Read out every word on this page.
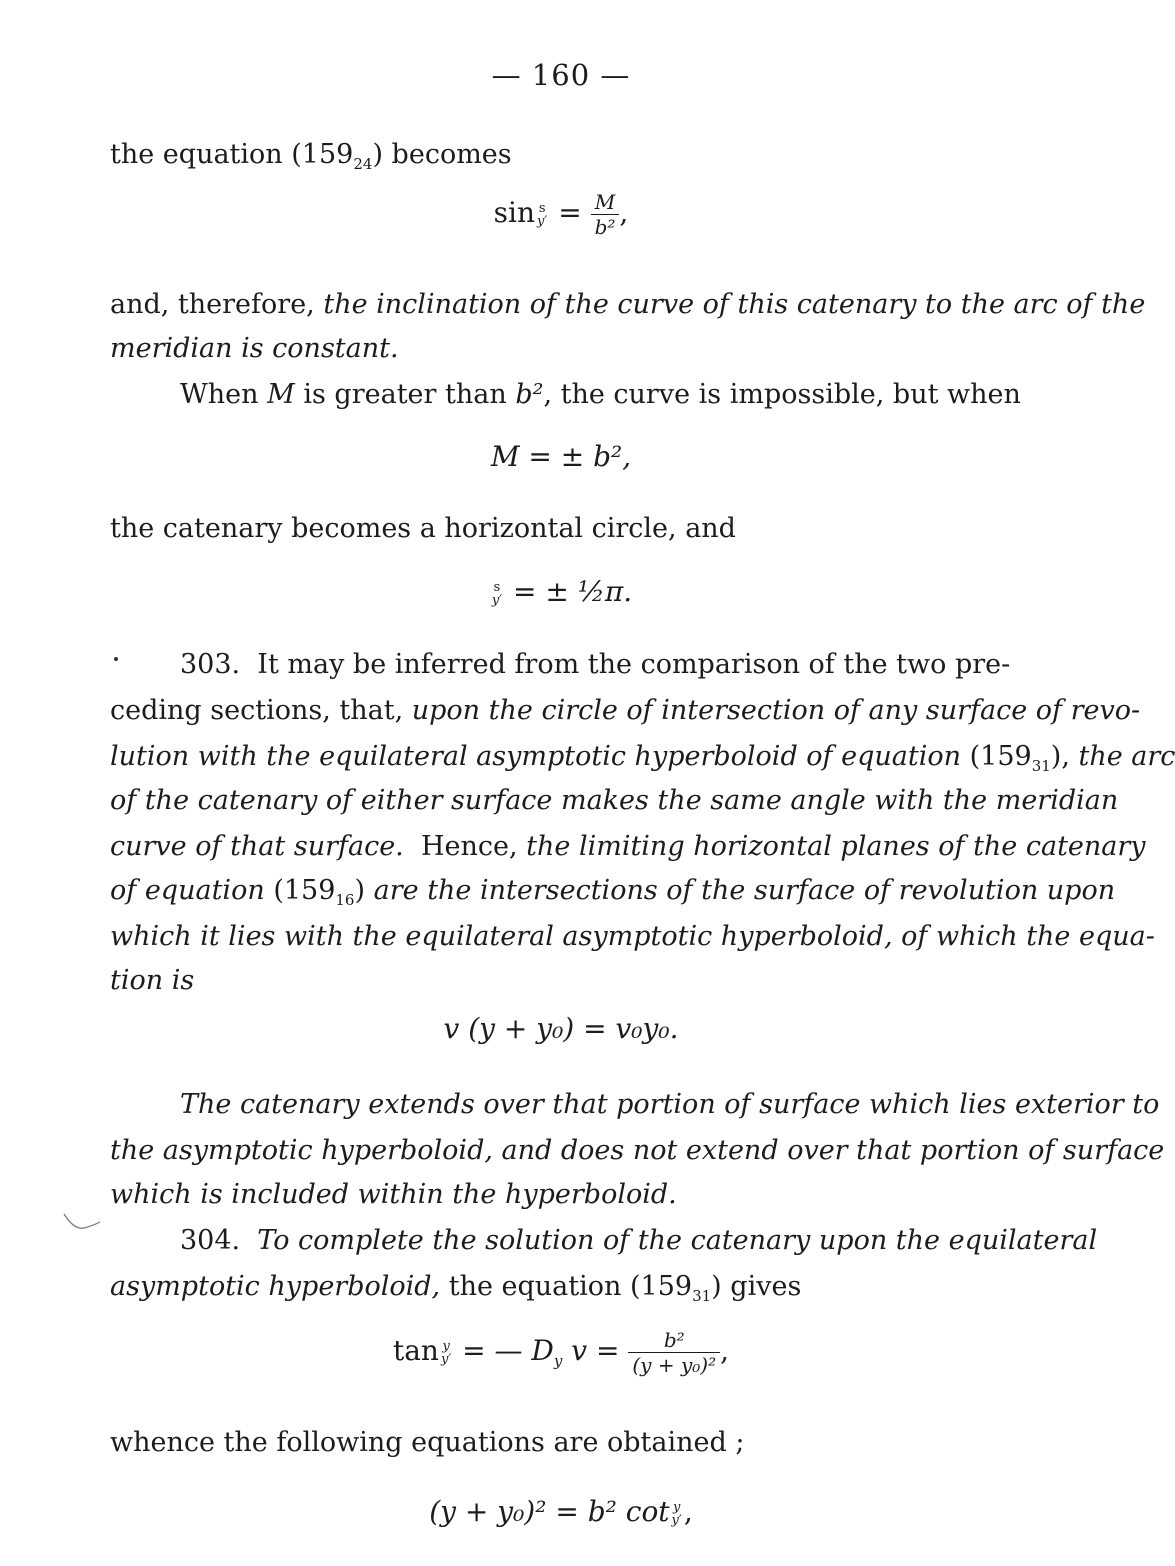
— 160 —
the equation $(159_{24})$ becomes
sin s
$y' = \frac{M}{\text{b²}}$ ,
and, therefore, the inclination of the curve of this catenary to the arc of the
meridian is constant.
When M is greater than b², the curve is impossible, but when
M = ± b²,
the catenary becomes a horizontal circle, and
s
y′ = ± ½π.
303. It may be inferred from the comparison of the two pre-
ceding sections, that, upon the circle of intersection of any surface of revo-
lution with the equilateral asymptotic hyperboloid of equation $(159_{31})$, the arc
of the catenary of either surface makes the same angle with the meridian
curve of that surface. Hence, the limiting horizontal planes of the catenary
of equation $(159_{16})$ are the intersections of the surface of revolution upon
which it lies with the equilateral asymptotic hyperboloid, of which the equa-
tion is
v (y + y₀) = v₀y₀.
The catenary extends over that portion of surface which lies exterior to
the asymptotic hyperboloid, and does not extend over that portion of surface
which is included within the hyperboloid.
304. To complete the solution of the catenary upon the equilateral
asymptotic hyperboloid, the equation $(159_{31})$ gives
tan y
y′ = — $D_y$ $v = \frac{\text{b²}}{\text{(y + y₀)²}}$ ,
whence the following equations are obtained ;
(y + y₀)² = b² cot y
y′ ,
